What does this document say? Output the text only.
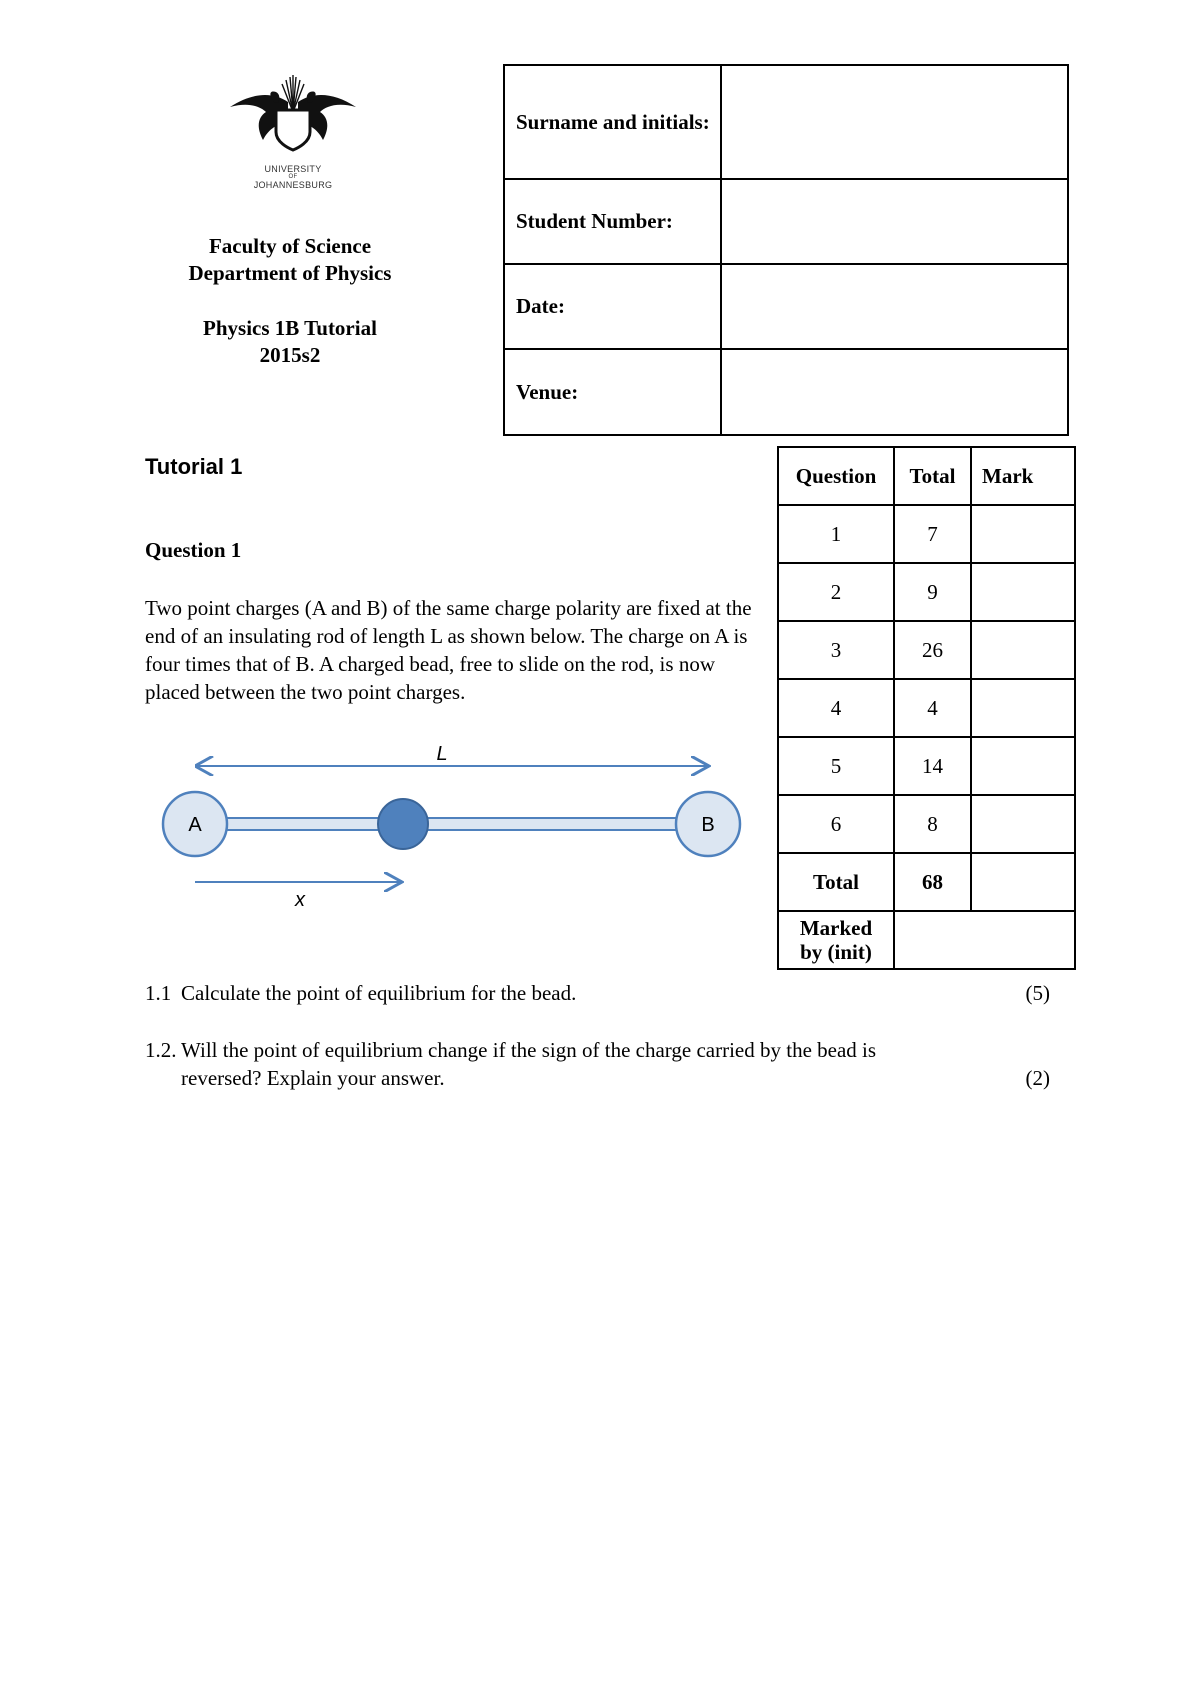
UNIVERSITY
OF
JOHANNESBURG
Faculty of Science
Department of Physics
Physics 1B Tutorial
2015s2
Surname and initials:	
Student Number:	
Date:	
Venue:	
Question	Total	Mark
1	7	
2	9	
3	26	
4	4	
5	14	
6	8	
Total	68	
Marked
by (init)		
Tutorial 1
Question 1
Two point charges (A and B) of the same charge polarity are fixed at the end of an insulating rod of length L as shown below. The charge on A is four times that of B. A charged bead, free to slide on the rod, is now placed between the two point charges.
L
A	B
x
1.1 Calculate the point of equilibrium for the bead.	(5)
1.2. Will the point of equilibrium change if the sign of the charge carried by the bead is
reversed? Explain your answer.	(2)
